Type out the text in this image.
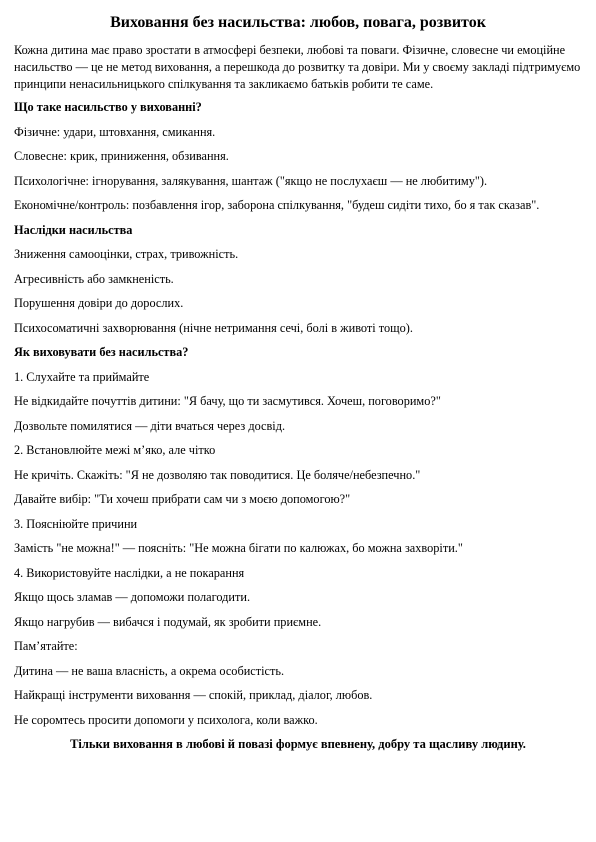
Виховання без насильства: любов, повага, розвиток
Кожна дитина має право зростати в атмосфері безпеки, любові та поваги. Фізичне, словесне чи емоційне насильство — це не метод виховання, а перешкода до розвитку та довіри. Ми у своєму закладі підтримуємо принципи ненасильницького спілкування та закликаємо батьків робити те саме.
Що таке насильство у вихованні?
Фізичне: удари, штовхання, смикання.
Словесне: крик, приниження, обзивання.
Психологічне: ігнорування, залякування, шантаж ("якщо не послухаєш — не любитиму").
Економічне/контроль: позбавлення ігор, заборона спілкування, "будеш сидіти тихо, бо я так сказав".
Наслідки насильства
Зниження самооцінки, страх, тривожність.
Агресивність або замкненість.
Порушення довіри до дорослих.
Психосоматичні захворювання (нічне нетримання сечі, болі в животі тощо).
Як виховувати без насильства?
1. Слухайте та приймайте
Не відкидайте почуттів дитини: "Я бачу, що ти засмутився. Хочеш, поговоримо?"
Дозвольте помилятися — діти вчаться через досвід.
2. Встановлюйте межі м’яко, але чітко
Не кричіть. Скажіть: "Я не дозволяю так поводитися. Це боляче/небезпечно."
Давайте вибір: "Ти хочеш прибрати сам чи з моєю допомогою?"
3. Поясніюйте причини
Замість "не можна!" — поясніть: "Не можна бігати по калюжах, бо можна захворіти."
4. Використовуйте наслідки, а не покарання
Якщо щось зламав — допоможи полагодити.
Якщо нагрубив — вибачся і подумай, як зробити приємне.
Пам’ятайте:
Дитина — не ваша власність, а окрема особистість.
Найкращі інструменти виховання — спокій, приклад, діалог, любов.
Не соромтесь просити допомоги у психолога, коли важко.
Тільки виховання в любові й повазі формує впевнену, добру та щасливу людину.
